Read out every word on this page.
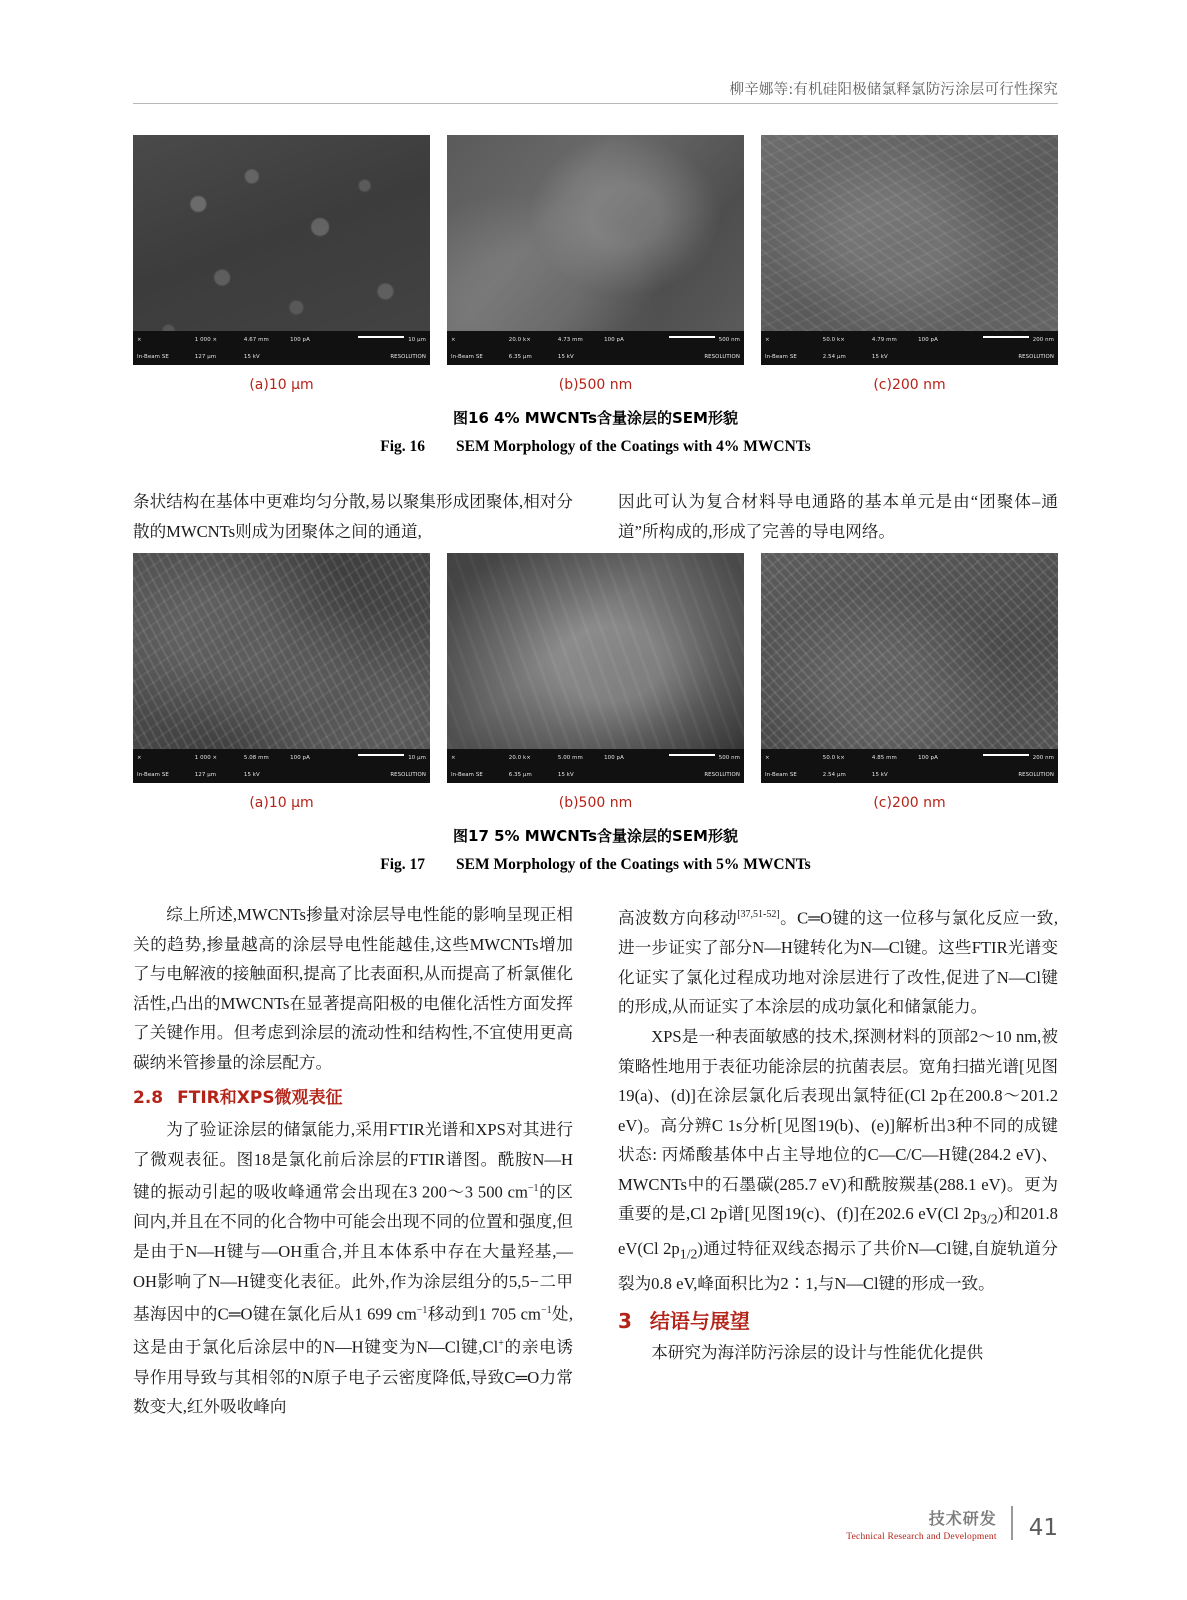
柳辛娜等:有机硅阳极储氯释氯防污涂层可行性探究
×	1 000 ×	4.67 mm	100 pA	10 μm
In-Beam SE	127 μm	15 kV	RESOLUTION
(a)10 μm
×	20.0 k×	4.73 mm	100 pA	500 nm
In-Beam SE	6.35 μm	15 kV	RESOLUTION
(b)500 nm
×	50.0 k×	4.79 mm	100 pA	200 nm
In-Beam SE	2.54 μm	15 kV	RESOLUTION
(c)200 nm
图16 4% MWCNTs含量涂层的SEM形貌
Fig. 16　　SEM Morphology of the Coatings with 4% MWCNTs

条状结构在基体中更难均匀分散,易以聚集形成团聚体,相对分散的MWCNTs则成为团聚体之间的通道,

因此可认为复合材料导电通路的基本单元是由“团聚体–通道”所构成的,形成了完善的导电网络。

×	1 000 ×	5.08 mm	100 pA	10 μm
In-Beam SE	127 μm	15 kV	RESOLUTION
(a)10 μm
×	20.0 k×	5.00 mm	100 pA	500 nm
In-Beam SE	6.35 μm	15 kV	RESOLUTION
(b)500 nm
×	50.0 k×	4.85 mm	100 pA	200 nm
In-Beam SE	2.54 μm	15 kV	RESOLUTION
(c)200 nm
图17 5% MWCNTs含量涂层的SEM形貌
Fig. 17　　SEM Morphology of the Coatings with 5% MWCNTs

综上所述,MWCNTs掺量对涂层导电性能的影响呈现正相关的趋势,掺量越高的涂层导电性能越佳,这些MWCNTs增加了与电解液的接触面积,提高了比表面积,从而提高了析氯催化活性,凸出的MWCNTs在显著提高阳极的电催化活性方面发挥了关键作用。但考虑到涂层的流动性和结构性,不宜使用更高碳纳米管掺量的涂层配方。

2.8 FTIR和XPS微观表征

为了验证涂层的储氯能力,采用FTIR光谱和XPS对其进行了微观表征。图18是氯化前后涂层的FTIR谱图。酰胺N—H键的振动引起的吸收峰通常会出现在3 200～3 500 $cm^{-1}$的区间内,并且在不同的化合物中可能会出现不同的位置和强度,但是由于N—H键与—OH重合,并且本体系中存在大量羟基,—OH影响了N—H键变化表征。此外,作为涂层组分的5,5−二甲基海因中的C═O键在氯化后从1 699 $cm^{-1}$移动到1 705 $cm^{-1}$处,这是由于氯化后涂层中的N—H键变为N—Cl键,Cl+的亲电诱导作用导致与其相邻的N原子电子云密度降低,导致C═O力常数变大,红外吸收峰向

高波数方向移动[37,51-52]。C═O键的这一位移与氯化反应一致,进一步证实了部分N—H键转化为N—Cl键。这些FTIR光谱变化证实了氯化过程成功地对涂层进行了改性,促进了N—Cl键的形成,从而证实了本涂层的成功氯化和储氯能力。

XPS是一种表面敏感的技术,探测材料的顶部2～10 nm,被策略性地用于表征功能涂层的抗菌表层。宽角扫描光谱[见图19(a)、(d)]在涂层氯化后表现出氯特征(Cl 2p在200.8～201.2 eV)。高分辨C 1s分析[见图19(b)、(e)]解析出3种不同的成键状态: 丙烯酸基体中占主导地位的C—C/C—H键(284.2 eV)、MWCNTs中的石墨碳(285.7 eV)和酰胺羰基(288.1 eV)。更为重要的是,Cl 2p谱[见图19(c)、(f)]在202.6 eV(Cl $2p_{3/2}$)和201.8 eV(Cl $2p_{1/2}$)通过特征双线态揭示了共价N—Cl键,自旋轨道分裂为0.8 eV,峰面积比为2∶1,与N—Cl键的形成一致。

3 结语与展望

本研究为海洋防污涂层的设计与性能优化提供

技术研发
Technical Research and Development 41
